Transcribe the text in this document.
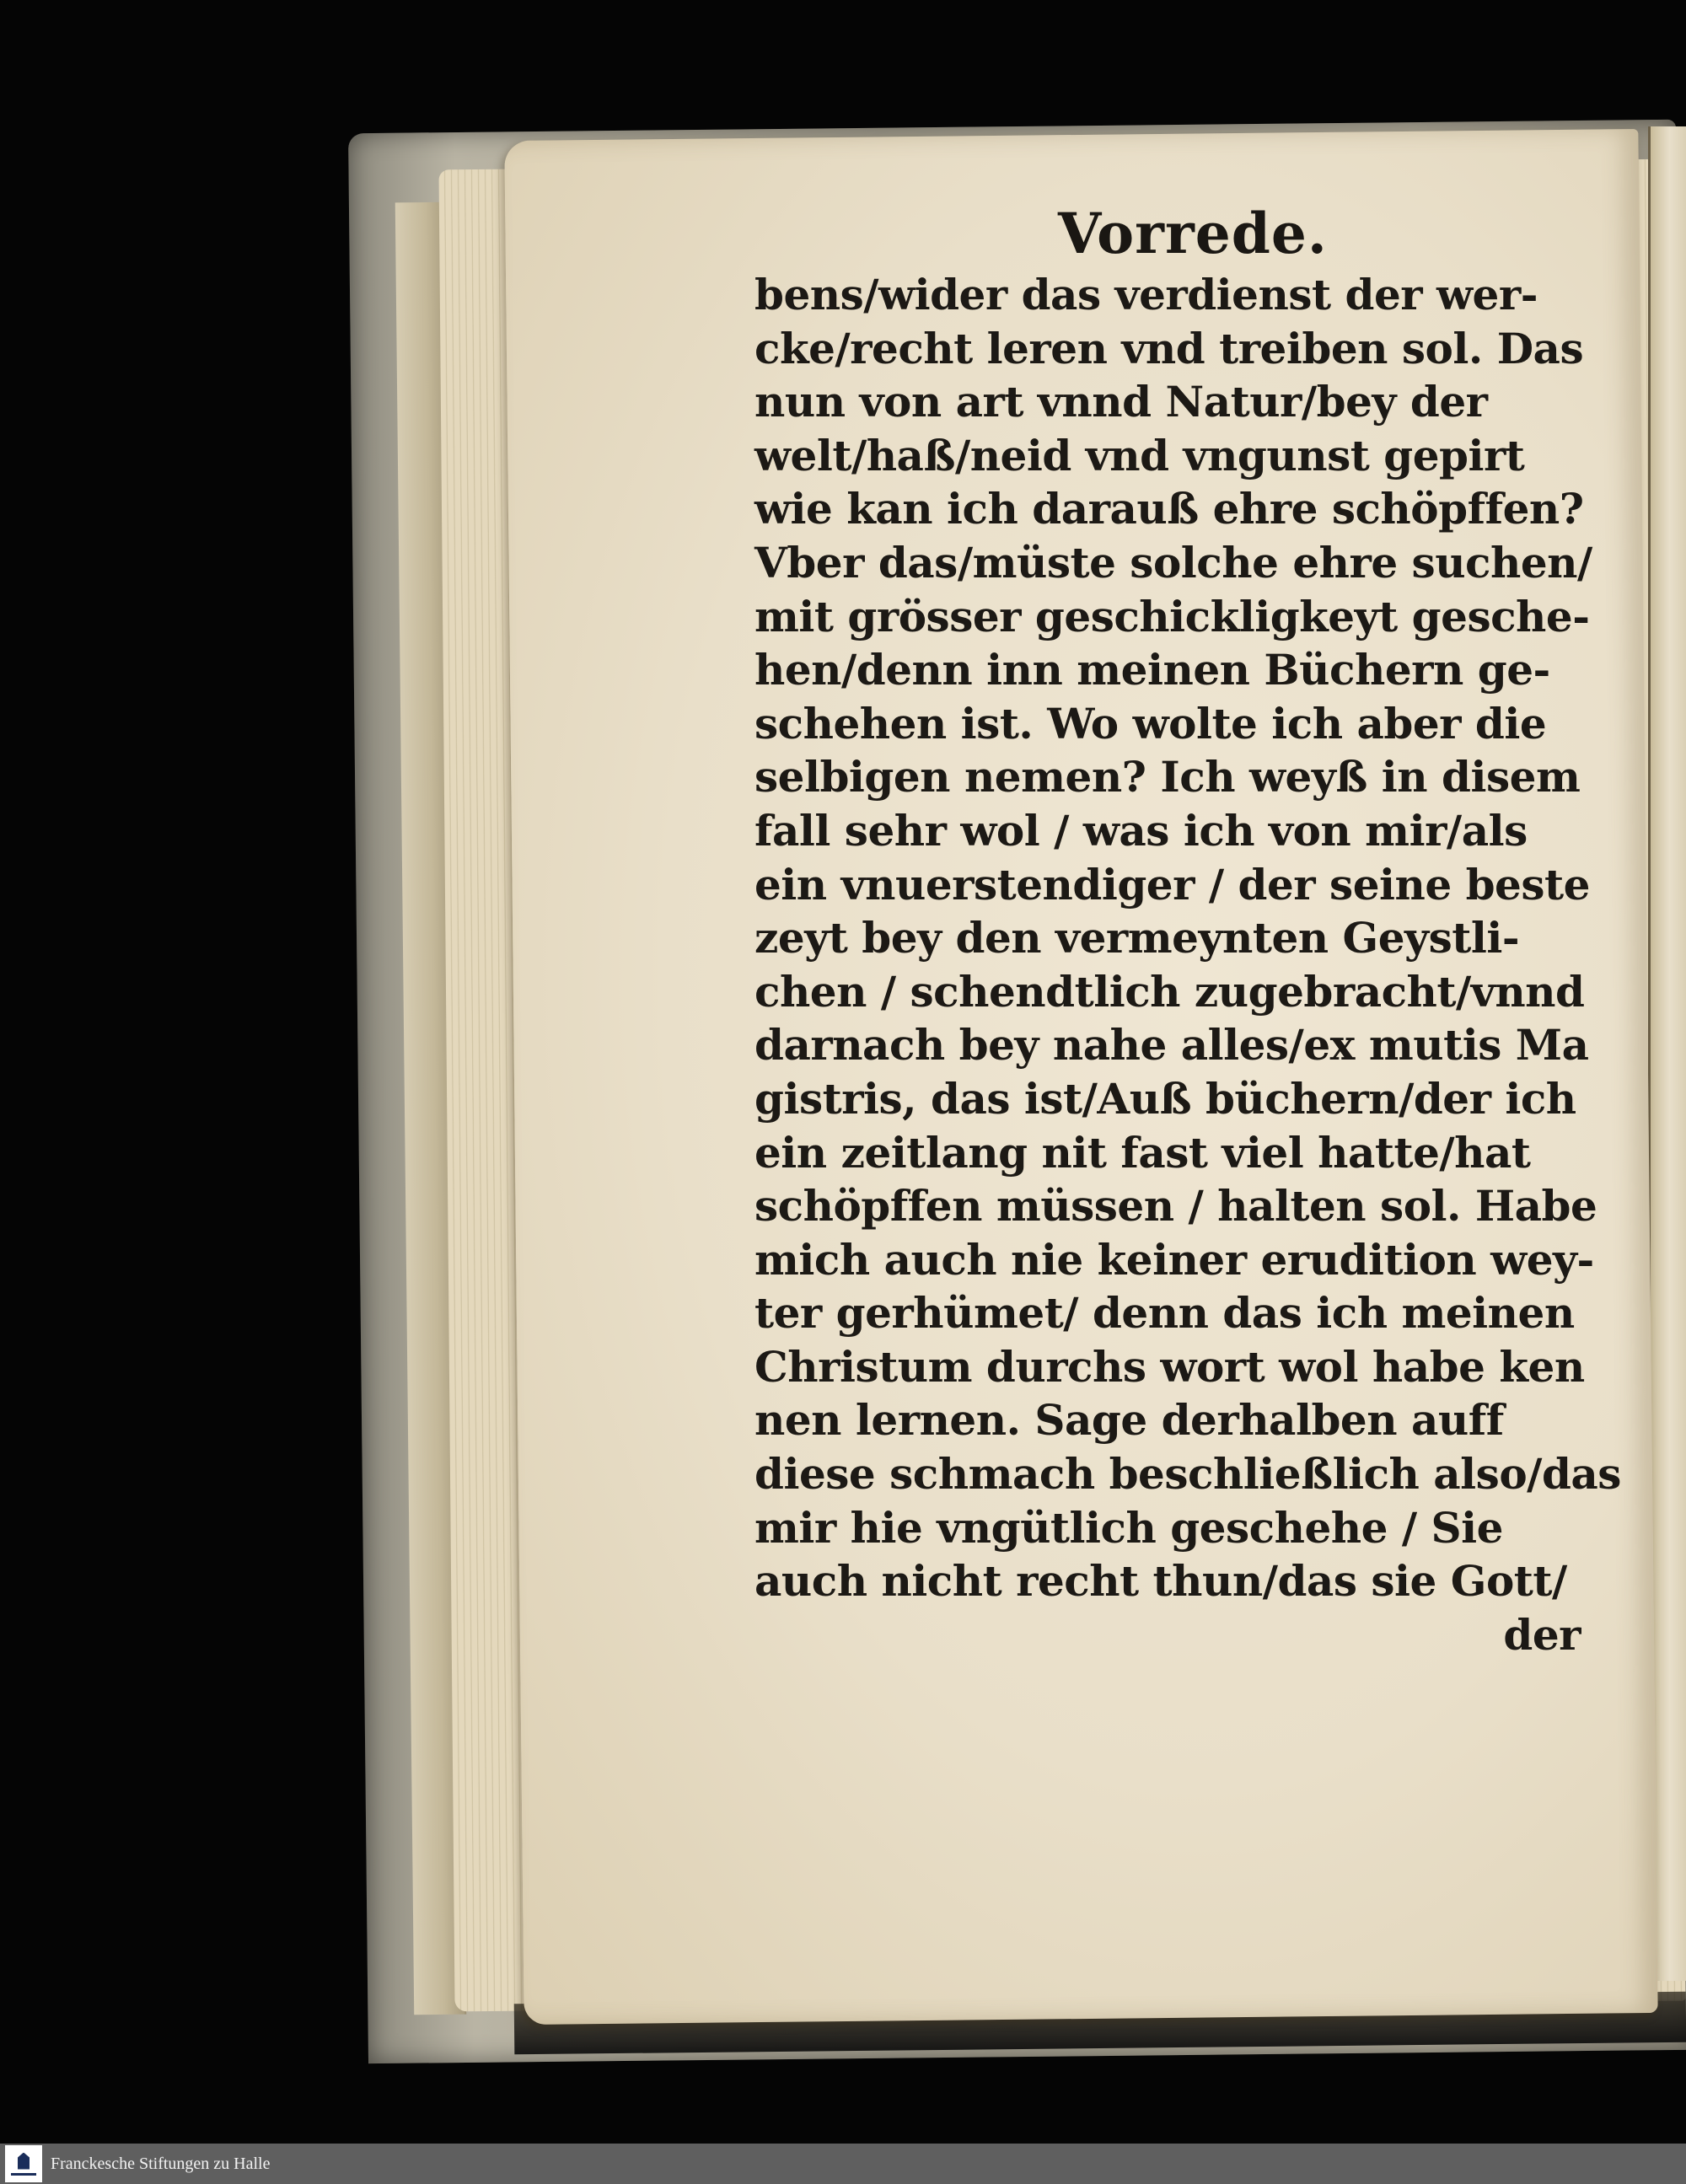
Vorrede.
bens/wider das verdienst der wer-
cke/recht leren vnd treiben sol. Das
nun von art vnnd Natur/bey der
welt/haß/neid vnd vngunst gepirt
wie kan ich darauß ehre schöpffen?
Vber das/müste solche ehre suchen/
mit grösser geschickligkeyt gesche-
hen/denn inn meinen Büchern ge-
schehen ist. Wo wolte ich aber die
selbigen nemen? Ich weyß in disem
fall sehr wol / was ich von mir/als
ein vnuerstendiger / der seine beste
zeyt bey den vermeynten Geystli-
chen / schendtlich zugebracht/vnnd
darnach bey nahe alles/ex mutis Ma
gistris, das ist/Auß büchern/der ich
ein zeitlang nit fast viel hatte/hat
schöpffen müssen / halten sol. Habe
mich auch nie keiner erudition wey-
ter gerhümet/ denn das ich meinen
Christum durchs wort wol habe ken
nen lernen. Sage derhalben auff
diese schmach beschließlich also/das
mir hie vngütlich geschehe / Sie
auch nicht recht thun/das sie Gott/
der
Franckesche Stiftungen zu Halle
